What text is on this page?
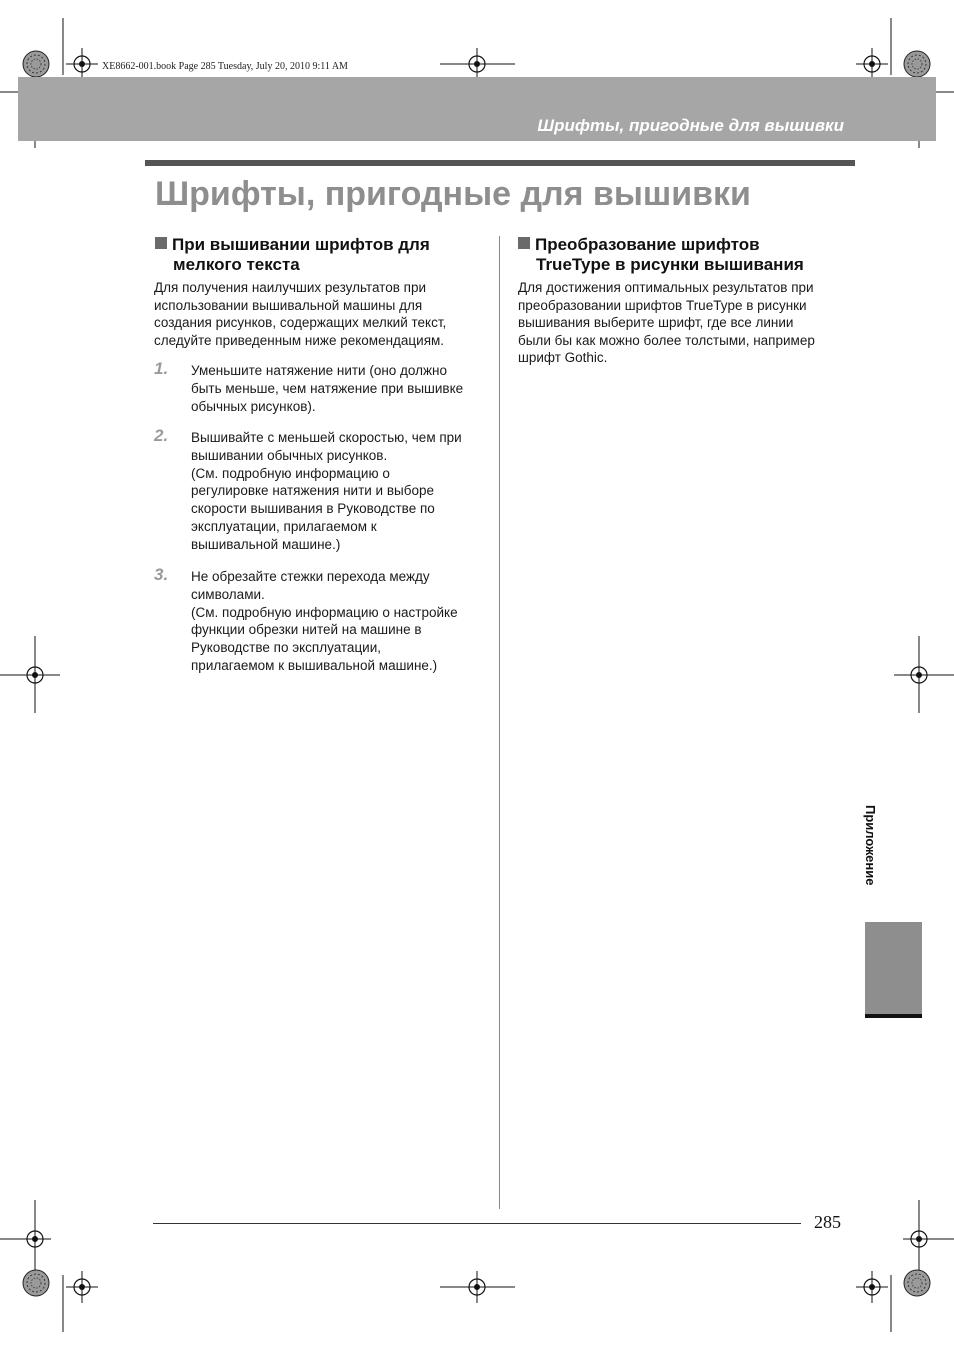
XE8662-001.book Page 285 Tuesday, July 20, 2010 9:11 AM
Шрифты, пригодные для вышивки
Шрифты, пригодные для вышивки
При вышивании шрифтов для
мелкого текста
Для получения наилучших результатов при
использовании вышивальной машины для
создания рисунков, содержащих мелкий текст,
следуйте приведенным ниже рекомендациям.
1. Уменьшите натяжение нити (оно должно
быть меньше, чем натяжение при вышивке
обычных рисунков).
2. Вышивайте с меньшей скоростью, чем при
вышивании обычных рисунков.
(См. подробную информацию о
регулировке натяжения нити и выборе
скорости вышивания в Руководстве по
эксплуатации, прилагаемом к
вышивальной машине.)
3. Не обрезайте стежки перехода между
символами.
(См. подробную информацию о настройке
функции обрезки нитей на машине в
Руководстве по эксплуатации,
прилагаемом к вышивальной машине.)
Преобразование шрифтов
TrueType в рисунки вышивания
Для достижения оптимальных результатов при
преобразовании шрифтов TrueType в рисунки
вышивания выберите шрифт, где все линии
были бы как можно более толстыми, например
шрифт Gothic.
Приложение
285
